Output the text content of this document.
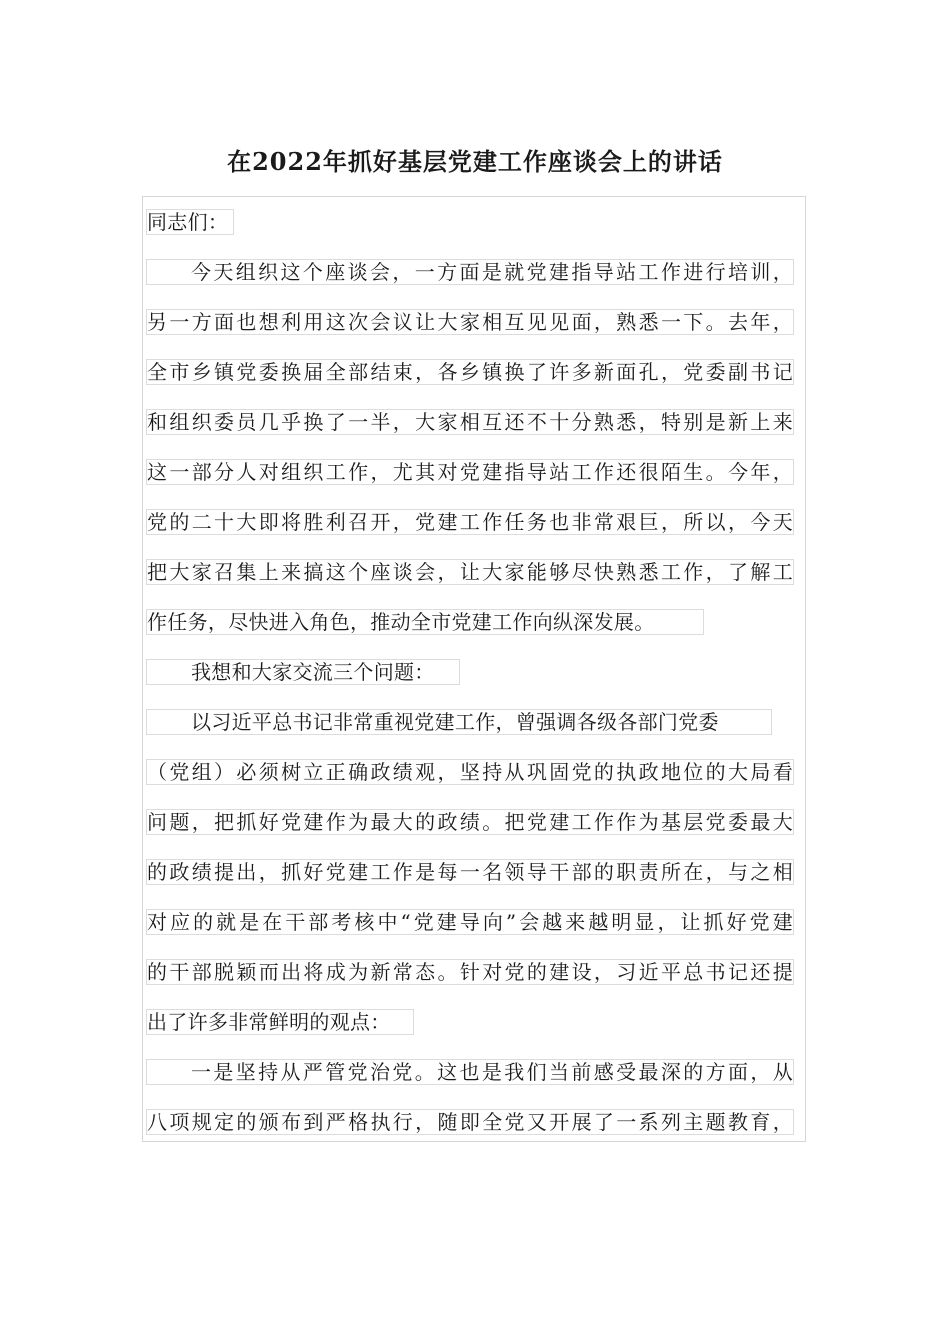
在2022年抓好基层党建工作座谈会上的讲话
同志们：
今天组织这个座谈会，一方面是就党建指导站工作进行培训，
另一方面也想利用这次会议让大家相互见见面，熟悉一下。去年，
全市乡镇党委换届全部结束，各乡镇换了许多新面孔，党委副书记
和组织委员几乎换了一半，大家相互还不十分熟悉，特别是新上来
这一部分人对组织工作，尤其对党建指导站工作还很陌生。今年，
党的二十大即将胜利召开，党建工作任务也非常艰巨，所以，今天
把大家召集上来搞这个座谈会，让大家能够尽快熟悉工作，了解工
作任务，尽快进入角色，推动全市党建工作向纵深发展。
我想和大家交流三个问题：
以习近平总书记非常重视党建工作，曾强调各级各部门党委
（党组）必须树立正确政绩观，坚持从巩固党的执政地位的大局看
问题，把抓好党建作为最大的政绩。把党建工作作为基层党委最大
的政绩提出，抓好党建工作是每一名领导干部的职责所在，与之相
对应的就是在干部考核中“党建导向”会越来越明显，让抓好党建
的干部脱颖而出将成为新常态。针对党的建设，习近平总书记还提
出了许多非常鲜明的观点：
一是坚持从严管党治党。这也是我们当前感受最深的方面，从
八项规定的颁布到严格执行，随即全党又开展了一系列主题教育，
